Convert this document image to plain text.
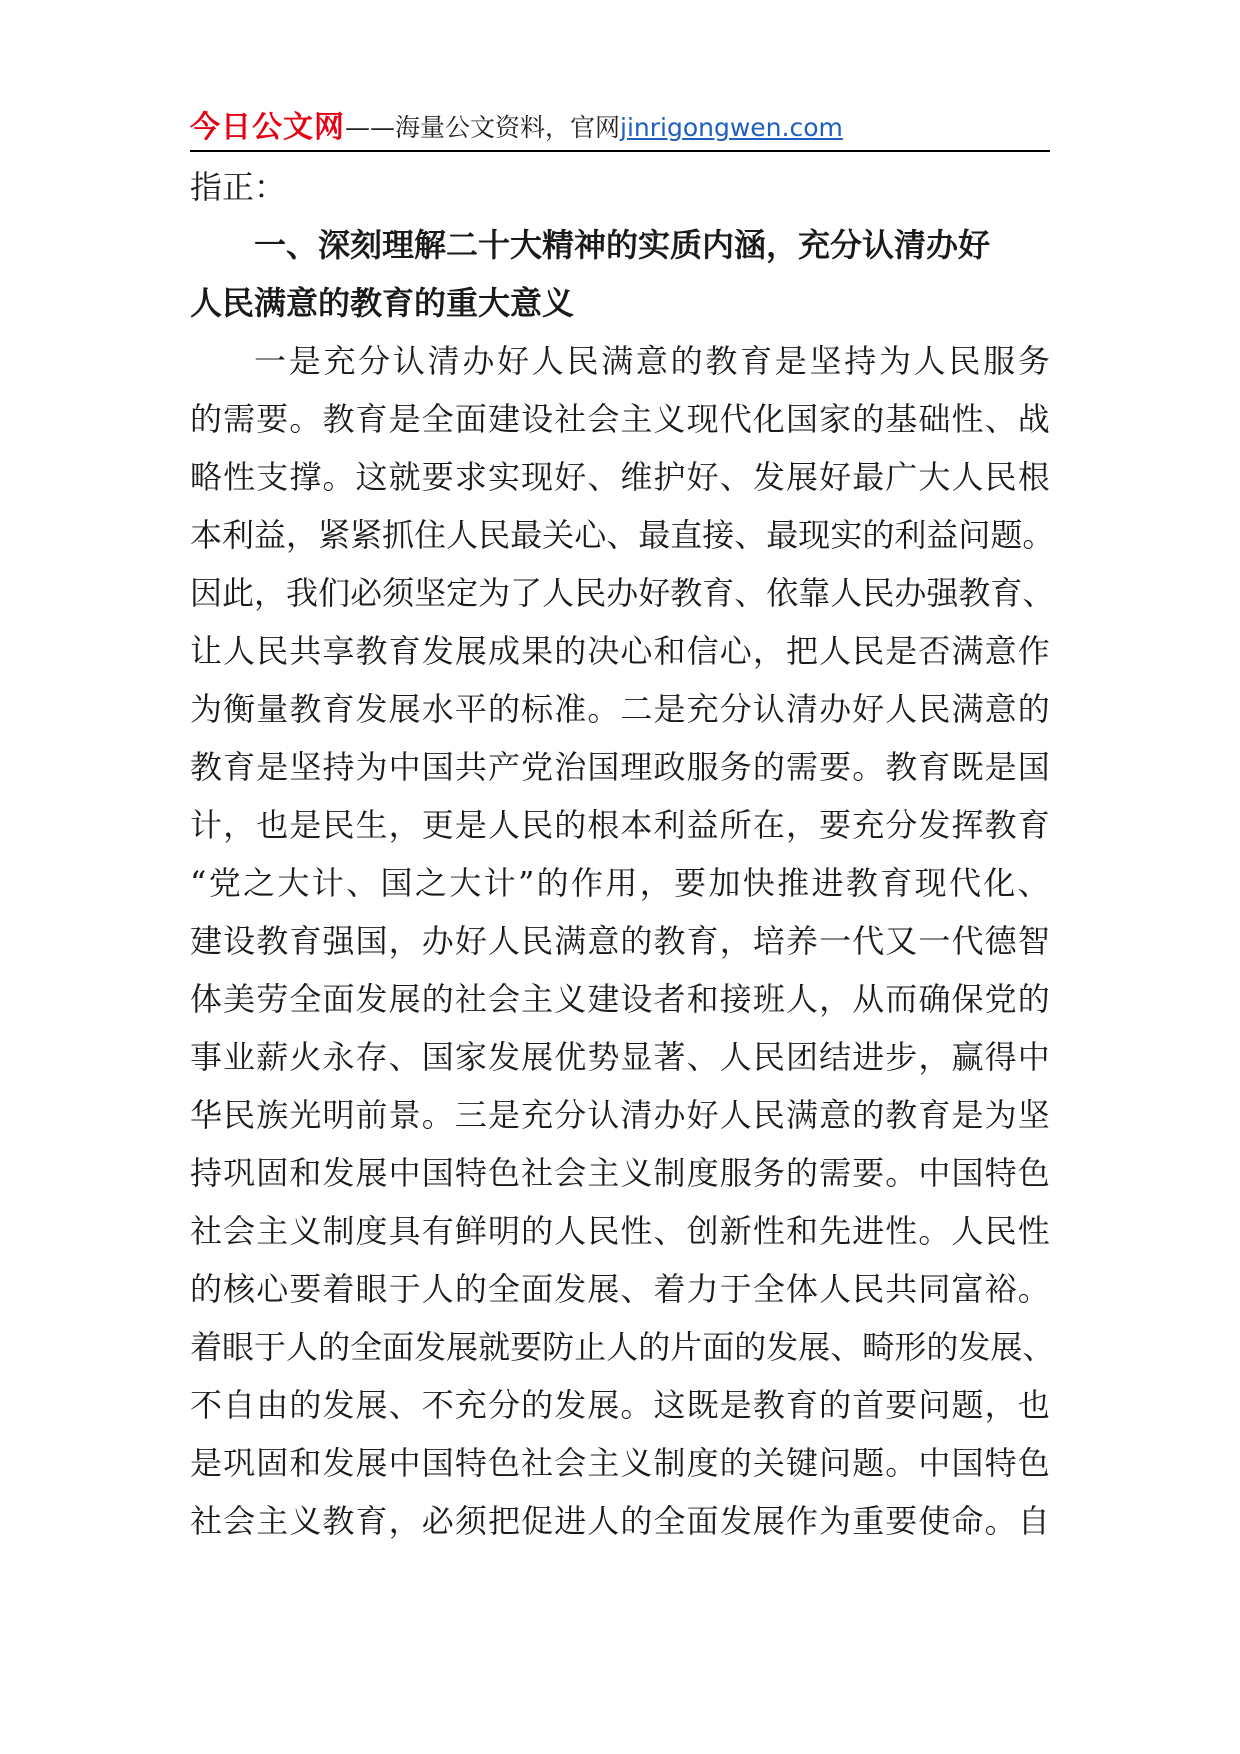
今日公文网 ——海量公文资料，官网 jinrigongwen.com
指正：
一、深刻理解二十大精神的实质内涵，充分认清办好
人民满意的教育的重大意义
一 是 充 分 认 清 办 好 人 民 满 意 的 教 育 是 坚 持 为 人 民 服 务
的 需 要 。 教 育 是 全 面 建 设 社 会 主 义 现 代 化 国 家 的 基 础 性 、 战
略 性 支 撑 。 这 就 要 求 实 现 好 、 维 护 好 、 发 展 好 最 广 大 人 民 根
本 利 益 ， 紧 紧 抓 住 人 民 最 关 心 、 最 直 接 、 最 现 实 的 利 益 问 题 。
因 此 ， 我 们 必 须 坚 定 为 了 人 民 办 好 教 育 、 依 靠 人 民 办 强 教 育 、
让 人 民 共 享 教 育 发 展 成 果 的 决 心 和 信 心 ， 把 人 民 是 否 满 意 作
为 衡 量 教 育 发 展 水 平 的 标 准 。 二 是 充 分 认 清 办 好 人 民 满 意 的
教 育 是 坚 持 为 中 国 共 产 党 治 国 理 政 服 务 的 需 要 。 教 育 既 是 国
计 ， 也 是 民 生 ， 更 是 人 民 的 根 本 利 益 所 在 ， 要 充 分 发 挥 教 育
“ 党 之 大 计 、 国 之 大 计 ” 的 作 用 ， 要 加 快 推 进 教 育 现 代 化 、
建 设 教 育 强 国 ， 办 好 人 民 满 意 的 教 育 ， 培 养 一 代 又 一 代 德 智
体 美 劳 全 面 发 展 的 社 会 主 义 建 设 者 和 接 班 人 ， 从 而 确 保 党 的
事 业 薪 火 永 存 、 国 家 发 展 优 势 显 著 、 人 民 团 结 进 步 ， 赢 得 中
华 民 族 光 明 前 景 。 三 是 充 分 认 清 办 好 人 民 满 意 的 教 育 是 为 坚
持 巩 固 和 发 展 中 国 特 色 社 会 主 义 制 度 服 务 的 需 要 。 中 国 特 色
社 会 主 义 制 度 具 有 鲜 明 的 人 民 性 、 创 新 性 和 先 进 性 。 人 民 性
的 核 心 要 着 眼 于 人 的 全 面 发 展 、 着 力 于 全 体 人 民 共 同 富 裕 。
着 眼 于 人 的 全 面 发 展 就 要 防 止 人 的 片 面 的 发 展 、 畸 形 的 发 展 、
不 自 由 的 发 展 、 不 充 分 的 发 展 。 这 既 是 教 育 的 首 要 问 题 ， 也
是 巩 固 和 发 展 中 国 特 色 社 会 主 义 制 度 的 关 键 问 题 。 中 国 特 色
社 会 主 义 教 育 ， 必 须 把 促 进 人 的 全 面 发 展 作 为 重 要 使 命 。 自
